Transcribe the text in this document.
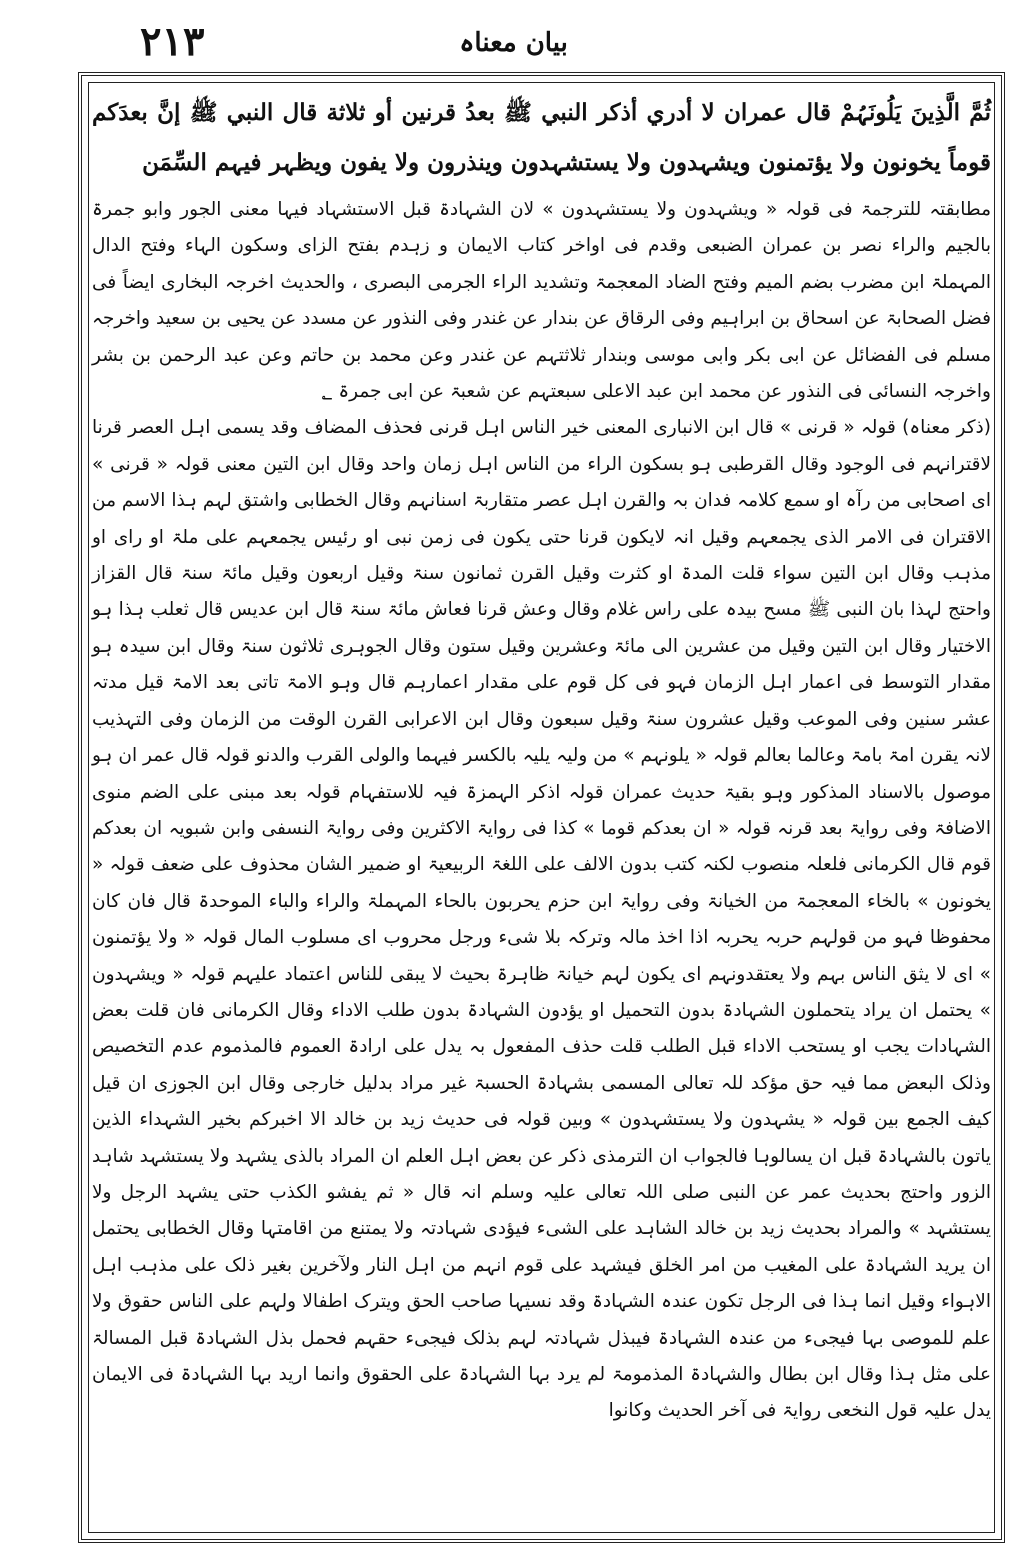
۲۱۳	بیان معناہ

ثُمَّ الَّذِینَ یَلُونَہُمْ قال عمران لا أدري أذكر النبي ﷺ بعدُ قرنین أو ثلاثة قال النبي ﷺ إنَّ بعدَکم قوماً یخونون ولا یؤتمنون ویشہدون ولا یستشہدون وینذرون ولا یفون ویظہر فیہم السِّمَن

مطابقتہ للترجمۃ فی قولہ « ویشہدون ولا یستشہدون » لان الشہادۃ قبل الاستشہاد فیہا معنی الجور وابو جمرۃ بالجیم والراء نصر بن عمران الضبعی وقدم فی اواخر کتاب الایمان و زہدم بفتح الزای وسکون الہاء وفتح الدال المہملۃ ابن مضرب بضم المیم وفتح الضاد المعجمۃ وتشدید الراء الجرمی البصری ، والحدیث اخرجہ البخاری ایضاً فی فضل الصحابۃ عن اسحاق بن ابراہیم وفی الرقاق عن بندار عن غندر وفی النذور عن مسدد عن یحیی بن سعید واخرجہ مسلم فی الفضائل عن ابی بکر وابی موسی وبندار ثلاثتہم عن غندر وعن محمد بن حاتم وعن عبد الرحمن بن بشر واخرجہ النسائی فی النذور عن محمد ابن عبد الاعلی سبعتہم عن شعبۃ عن ابی جمرۃ ؂

(ذکر معناہ) قولہ « قرنی » قال ابن الانباری المعنی خیر الناس اہل قرنی فحذف المضاف وقد یسمی اہل العصر قرنا لاقترانہم فی الوجود وقال القرطبی ہو بسکون الراء من الناس اہل زمان واحد وقال ابن التین معنی قولہ « قرنی » ای اصحابی من رآہ او سمع کلامہ فدان بہ والقرن اہل عصر متقاربۃ اسنانہم وقال الخطابی واشتق لہم ہذا الاسم من الاقتران فی الامر الذی یجمعہم وقیل انہ لایکون قرنا حتی یکون فی زمن نبی او رئیس یجمعہم علی ملۃ او رای او مذہب وقال ابن التین سواء قلت المدۃ او کثرت وقیل القرن ثمانون سنۃ وقیل اربعون وقیل مائۃ سنۃ قال القزاز واحتج لہذا بان النبی ﷺ مسح بیدہ علی راس غلام وقال وعش قرنا فعاش مائۃ سنۃ قال ابن عدیس قال ثعلب ہذا ہو الاختیار وقال ابن التین وقیل من عشرین الی مائۃ وعشرین وقیل ستون وقال الجوہری ثلاثون سنۃ وقال ابن سیدہ ہو مقدار التوسط فی اعمار اہل الزمان فہو فی کل قوم علی مقدار اعمارہم قال وہو الامۃ تاتی بعد الامۃ قیل مدتہ عشر سنین وفی الموعب وقیل عشرون سنۃ وقیل سبعون وقال ابن الاعرابی القرن الوقت من الزمان وفی التہذیب لانہ یقرن امۃ بامۃ وعالما بعالم قولہ « یلونہم » من ولیہ یلیہ بالکسر فیہما والولی القرب والدنو قولہ قال عمر ان ہو موصول بالاسناد المذکور وہو بقیۃ حدیث عمران قولہ اذکر الہمزۃ فیہ للاستفہام قولہ بعد مبنی علی الضم منوی الاضافۃ وفی روایۃ بعد قرنہ قولہ « ان بعدکم قوما » کذا فی روایۃ الاکثرین وفی روایۃ النسفی وابن شبویہ ان بعدکم قوم قال الکرمانی فلعلہ منصوب لکنہ کتب بدون الالف علی اللغۃ الربیعیۃ او ضمیر الشان محذوف علی ضعف قولہ « یخونون » بالخاء المعجمۃ من الخیانۃ وفی روایۃ ابن حزم یحربون بالحاء المہملۃ والراء والباء الموحدۃ قال فان کان محفوظا فہو من قولہم حربہ یحربہ اذا اخذ مالہ وترکہ بلا شیء ورجل محروب ای مسلوب المال قولہ « ولا یؤتمنون » ای لا یثق الناس بہم ولا یعتقدونہم ای یکون لہم خیانۃ ظاہرۃ بحیث لا یبقی للناس اعتماد علیہم قولہ « ویشہدون » یحتمل ان یراد یتحملون الشہادۃ بدون التحمیل او یؤدون الشہادۃ بدون طلب الاداء وقال الکرمانی فان قلت بعض الشہادات یجب او یستحب الاداء قبل الطلب قلت حذف المفعول بہ یدل علی ارادۃ العموم فالمذموم عدم التخصیص وذلک البعض مما فیہ حق مؤکد للہ تعالی المسمی بشہادۃ الحسبۃ غیر مراد بدلیل خارجی وقال ابن الجوزی ان قیل کیف الجمع بین قولہ « یشہدون ولا یستشہدون » وبین قولہ فی حدیث زید بن خالد الا اخبرکم بخیر الشہداء الذین یاتون بالشہادۃ قبل ان یسالوہا فالجواب ان الترمذی ذکر عن بعض اہل العلم ان المراد بالذی یشہد ولا یستشہد شاہد الزور واحتج بحدیث عمر عن النبی صلی اللہ تعالی علیہ وسلم انہ قال « ثم یفشو الکذب حتی یشہد الرجل ولا یستشہد » والمراد بحدیث زید بن خالد الشاہد علی الشیء فیؤدی شہادتہ ولا یمتنع من اقامتہا وقال الخطابی یحتمل ان یرید الشہادۃ علی المغیب من امر الخلق فیشہد علی قوم انہم من اہل النار ولآخرین بغیر ذلک علی مذہب اہل الاہواء وقیل انما ہذا فی الرجل تکون عندہ الشہادۃ وقد نسیہا صاحب الحق ویترک اطفالا ولہم علی الناس حقوق ولا علم للموصی بہا فیجیء من عندہ الشہادۃ فیبذل شہادتہ لہم بذلک فیجیء حقہم فحمل بذل الشہادۃ قبل المسالۃ علی مثل ہذا وقال ابن بطال والشہادۃ المذمومۃ لم یرد بہا الشہادۃ علی الحقوق وانما ارید بہا الشہادۃ فی الایمان یدل علیہ قول النخعی روایۃ فی آخر الحدیث وکانوا
